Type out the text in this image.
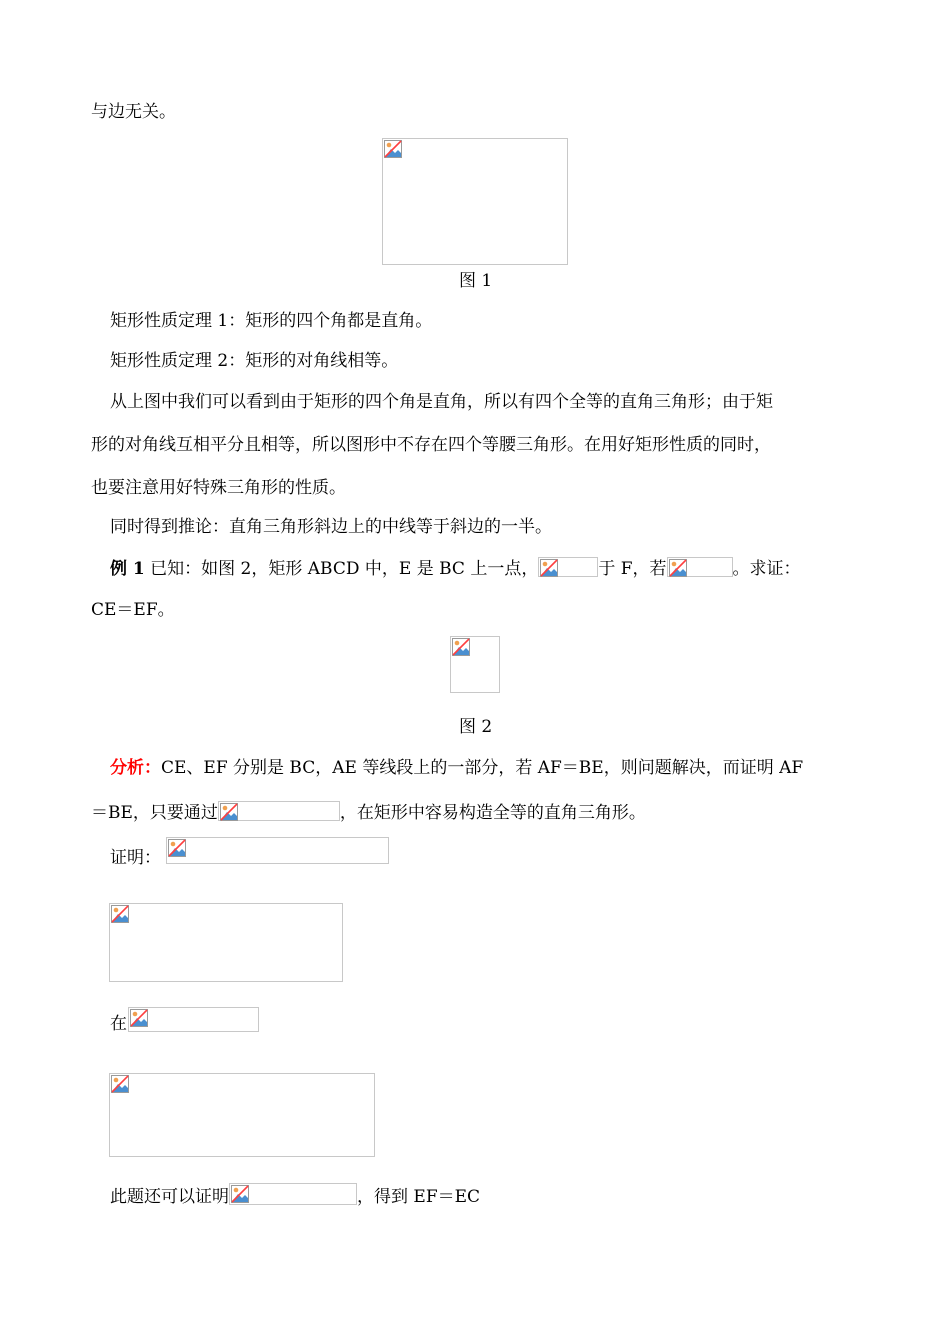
与边无关。
图 1
矩形性质定理 1：矩形的四个角都是直角。
矩形性质定理 2：矩形的对角线相等。
从上图中我们可以看到由于矩形的四个角是直角，所以有四个全等的直角三角形；由于矩
形的对角线互相平分且相等，所以图形中不存在四个等腰三角形。在用好矩形性质的同时，
也要注意用好特殊三角形的性质。
同时得到推论：直角三角形斜边上的中线等于斜边的一半。
例 1 已知：如图 2，矩形 ABCD 中，E 是 BC 上一点，	于 F，若	。求证：
CE＝EF。
图 2
分析：CE、EF 分别是 BC，AE 等线段上的一部分，若 AF＝BE，则问题解决，而证明 AF
＝BE，只要通过	，在矩形中容易构造全等的直角三角形。
证明：
在
此题还可以证明	，得到 EF＝EC
